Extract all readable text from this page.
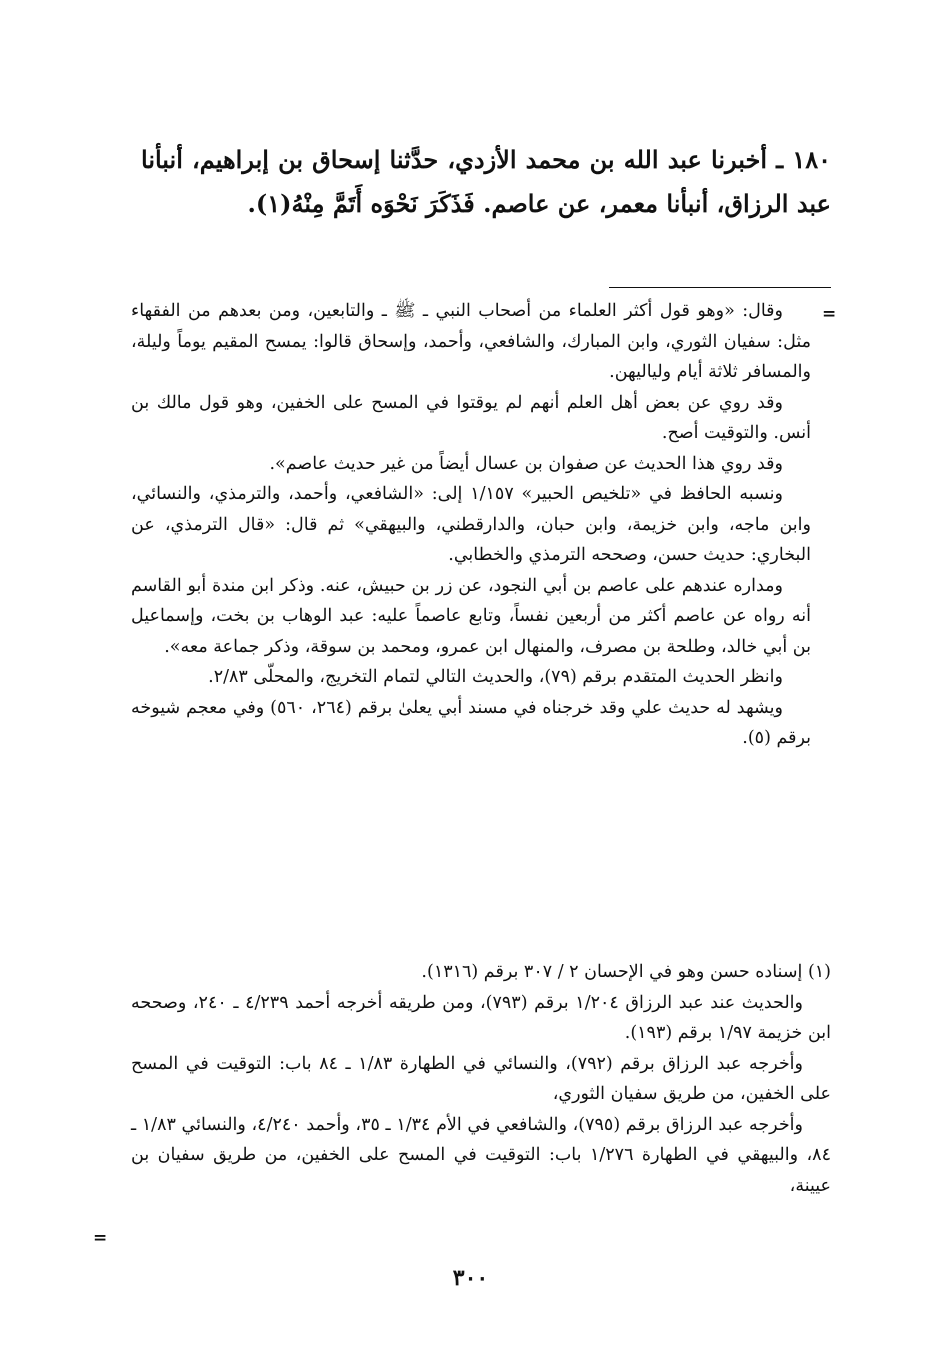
١٨٠ ـ أخبرنا عبد الله بن محمد الأزدي، حدَّثنا إسحاق بن إبراهيم، أنبأنا عبد الرزاق، أنبأنا معمر، عن عاصم. فَذَكَرَ نَحْوَه أَتَمَّ مِنْهُ(١).

=

وقال: «وهو قول أكثر العلماء من أصحاب النبي ـ ﷺ ـ والتابعين، ومن بعدهم من الفقهاء مثل: سفيان الثوري، وابن المبارك، والشافعي، وأحمد، وإسحاق قالوا: يمسح المقيم يوماً وليلة، والمسافر ثلاثة أيام ولياليهن.

وقد روي عن بعض أهل العلم أنهم لم يوقتوا في المسح على الخفين، وهو قول مالك بن أنس. والتوقيت أصح.

وقد روي هذا الحديث عن صفوان بن عسال أيضاً من غير حديث عاصم».

ونسبه الحافظ في «تلخيص الحبير» ١/١٥٧ إلى: «الشافعي، وأحمد، والترمذي، والنسائي، وابن ماجه، وابن خزيمة، وابن حبان، والدارقطني، والبيهقي» ثم قال: «قال الترمذي، عن البخاري: حديث حسن، وصححه الترمذي والخطابي.

ومداره عندهم على عاصم بن أبي النجود، عن زر بن حبيش، عنه. وذكر ابن مندة أبو القاسم أنه رواه عن عاصم أكثر من أربعين نفساً، وتابع عاصماً عليه: عبد الوهاب بن بخت، وإسماعيل بن أبي خالد، وطلحة بن مصرف، والمنهال ابن عمرو، ومحمد بن سوقة، وذكر جماعة معه».

وانظر الحديث المتقدم برقم (٧٩)، والحديث التالي لتمام التخريج، والمحلّى ٢/٨٣.

ويشهد له حديث علي وقد خرجناه في مسند أبي يعلىٰ برقم (٢٦٤، ٥٦٠) وفي معجم شيوخه برقم (٥).

(١) إسناده حسن وهو في الإحسان ٢ / ٣٠٧ برقم (١٣١٦).

والحديث عند عبد الرزاق ١/٢٠٤ برقم (٧٩٣)، ومن طريقه أخرجه أحمد ٤/٢٣٩ ـ ٢٤٠، وصححه ابن خزيمة ١/٩٧ برقم (١٩٣).

وأخرجه عبد الرزاق برقم (٧٩٢)، والنسائي في الطهارة ١/٨٣ ـ ٨٤ باب: التوقيت في المسح على الخفين، من طريق سفيان الثوري،

وأخرجه عبد الرزاق برقم (٧٩٥)، والشافعي في الأم ١/٣٤ ـ ٣٥، وأحمد ٤/٢٤٠، والنسائي ١/٨٣ ـ ٨٤، والبيهقي في الطهارة ١/٢٧٦ باب: التوقيت في المسح على الخفين، من طريق سفيان بن عيينة،

=
٣٠٠
